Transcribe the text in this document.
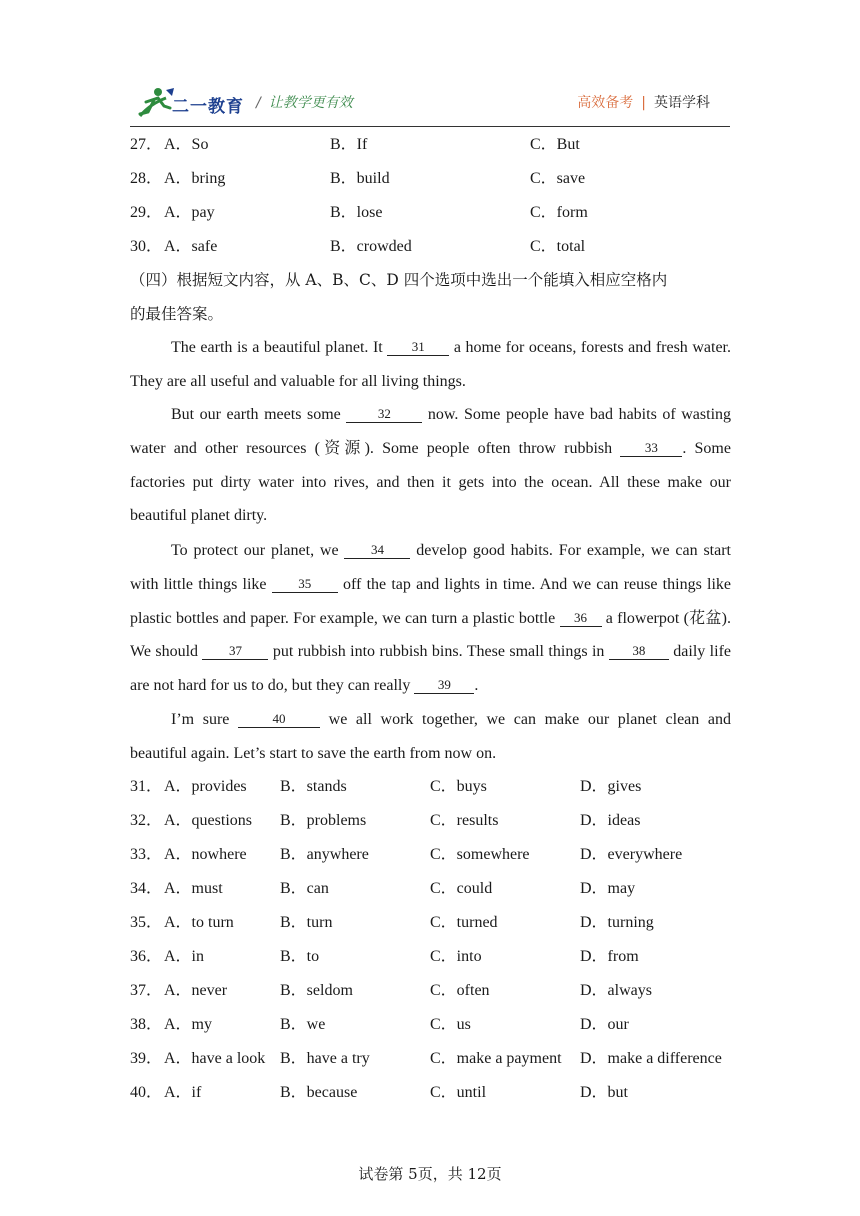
二一教育 / 让教学更有效	高效备考 | 英语学科
27． A．So	B．If	C．But
28． A．bring	B．build	C．save
29． A．pay	B．lose	C．form
30． A．safe	B．crowded	C．total
（四）根据短文内容，从 A、B、C、D 四个选项中选出一个能填入相应空格内
的最佳答案。
The earth is a beautiful planet. It 31 a home for oceans, forests and fresh water. They are all useful and valuable for all living things.
But our earth meets some 32 now. Some people have bad habits of wasting water and other resources (资源). Some people often throw rubbish 33 . Some factories put dirty water into rives, and then it gets into the ocean. All these make our beautiful planet dirty.
To protect our planet, we 34 develop good habits. For example, we can start with little things like 35 off the tap and lights in time. And we can reuse things like plastic bottles and paper. For example, we can turn a plastic bottle 36 a flowerpot (花盆). We should 37 put rubbish into rubbish bins. These small things in 38 daily life are not hard for us to do, but they can really 39 .
I’m sure	40 we all work together, we can make our planet clean and beautiful again. Let’s start to save the earth from now on.
31． A．provides B．stands	C．buys	D．gives
32． A．questions B．problems	C．results	D．ideas
33． A．nowhere B．anywhere	C．somewhere	D．everywhere
34． A．must	B．can	C．could	D．may
35． A．to turn	B．turn	C．turned	D．turning
36． A．in	B．to	C．into	D．from
37． A．never	B．seldom	C．often	D．always
38． A．my	B．we	C．us	D．our
39． A．have a look B．have a try	C．make a payment D．make a difference
40． A．if	B．because	C．until	D．but
试卷第 5页，共 12页
